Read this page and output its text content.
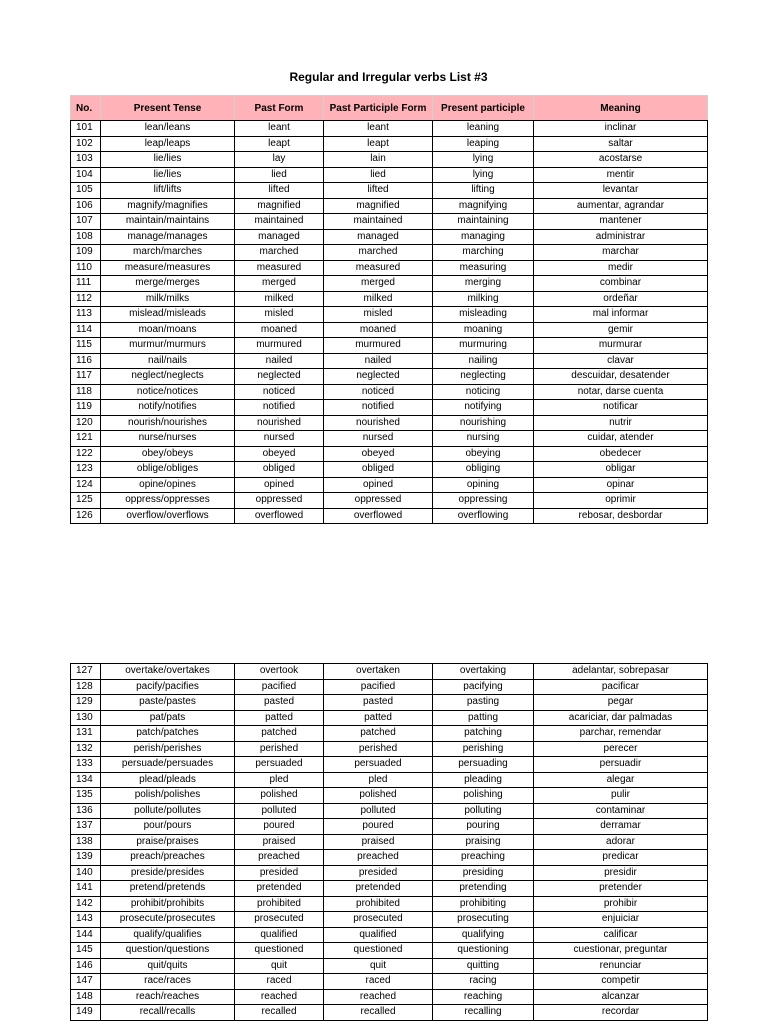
Regular and Irregular verbs List #3
No.	Present Tense	Past Form	Past Participle Form	Present participle	Meaning
101	lean/leans	leant	leant	leaning	inclinar
102	leap/leaps	leapt	leapt	leaping	saltar
103	lie/lies	lay	lain	lying	acostarse
104	lie/lies	lied	lied	lying	mentir
105	lift/lifts	lifted	lifted	lifting	levantar
106	magnify/magnifies	magnified	magnified	magnifying	aumentar, agrandar
107	maintain/maintains	maintained	maintained	maintaining	mantener
108	manage/manages	managed	managed	managing	administrar
109	march/marches	marched	marched	marching	marchar
110	measure/measures	measured	measured	measuring	medir
111	merge/merges	merged	merged	merging	combinar
112	milk/milks	milked	milked	milking	ordeñar
113	mislead/misleads	misled	misled	misleading	mal informar
114	moan/moans	moaned	moaned	moaning	gemir
115	murmur/murmurs	murmured	murmured	murmuring	murmurar
116	nail/nails	nailed	nailed	nailing	clavar
117	neglect/neglects	neglected	neglected	neglecting	descuidar, desatender
118	notice/notices	noticed	noticed	noticing	notar, darse cuenta
119	notify/notifies	notified	notified	notifying	notificar
120	nourish/nourishes	nourished	nourished	nourishing	nutrir
121	nurse/nurses	nursed	nursed	nursing	cuidar, atender
122	obey/obeys	obeyed	obeyed	obeying	obedecer
123	oblige/obliges	obliged	obliged	obliging	obligar
124	opine/opines	opined	opined	opining	opinar
125	oppress/oppresses	oppressed	oppressed	oppressing	oprimir
126	overflow/overflows	overflowed	overflowed	overflowing	rebosar, desbordar
127	overtake/overtakes	overtook	overtaken	overtaking	adelantar, sobrepasar
128	pacify/pacifies	pacified	pacified	pacifying	pacificar
129	paste/pastes	pasted	pasted	pasting	pegar
130	pat/pats	patted	patted	patting	acariciar, dar palmadas
131	patch/patches	patched	patched	patching	parchar, remendar
132	perish/perishes	perished	perished	perishing	perecer
133	persuade/persuades	persuaded	persuaded	persuading	persuadir
134	plead/pleads	pled	pled	pleading	alegar
135	polish/polishes	polished	polished	polishing	pulir
136	pollute/pollutes	polluted	polluted	polluting	contaminar
137	pour/pours	poured	poured	pouring	derramar
138	praise/praises	praised	praised	praising	adorar
139	preach/preaches	preached	preached	preaching	predicar
140	preside/presides	presided	presided	presiding	presidir
141	pretend/pretends	pretended	pretended	pretending	pretender
142	prohibit/prohibits	prohibited	prohibited	prohibiting	prohibir
143	prosecute/prosecutes	prosecuted	prosecuted	prosecuting	enjuiciar
144	qualify/qualifies	qualified	qualified	qualifying	calificar
145	question/questions	questioned	questioned	questioning	cuestionar, preguntar
146	quit/quits	quit	quit	quitting	renunciar
147	race/races	raced	raced	racing	competir
148	reach/reaches	reached	reached	reaching	alcanzar
149	recall/recalls	recalled	recalled	recalling	recordar
